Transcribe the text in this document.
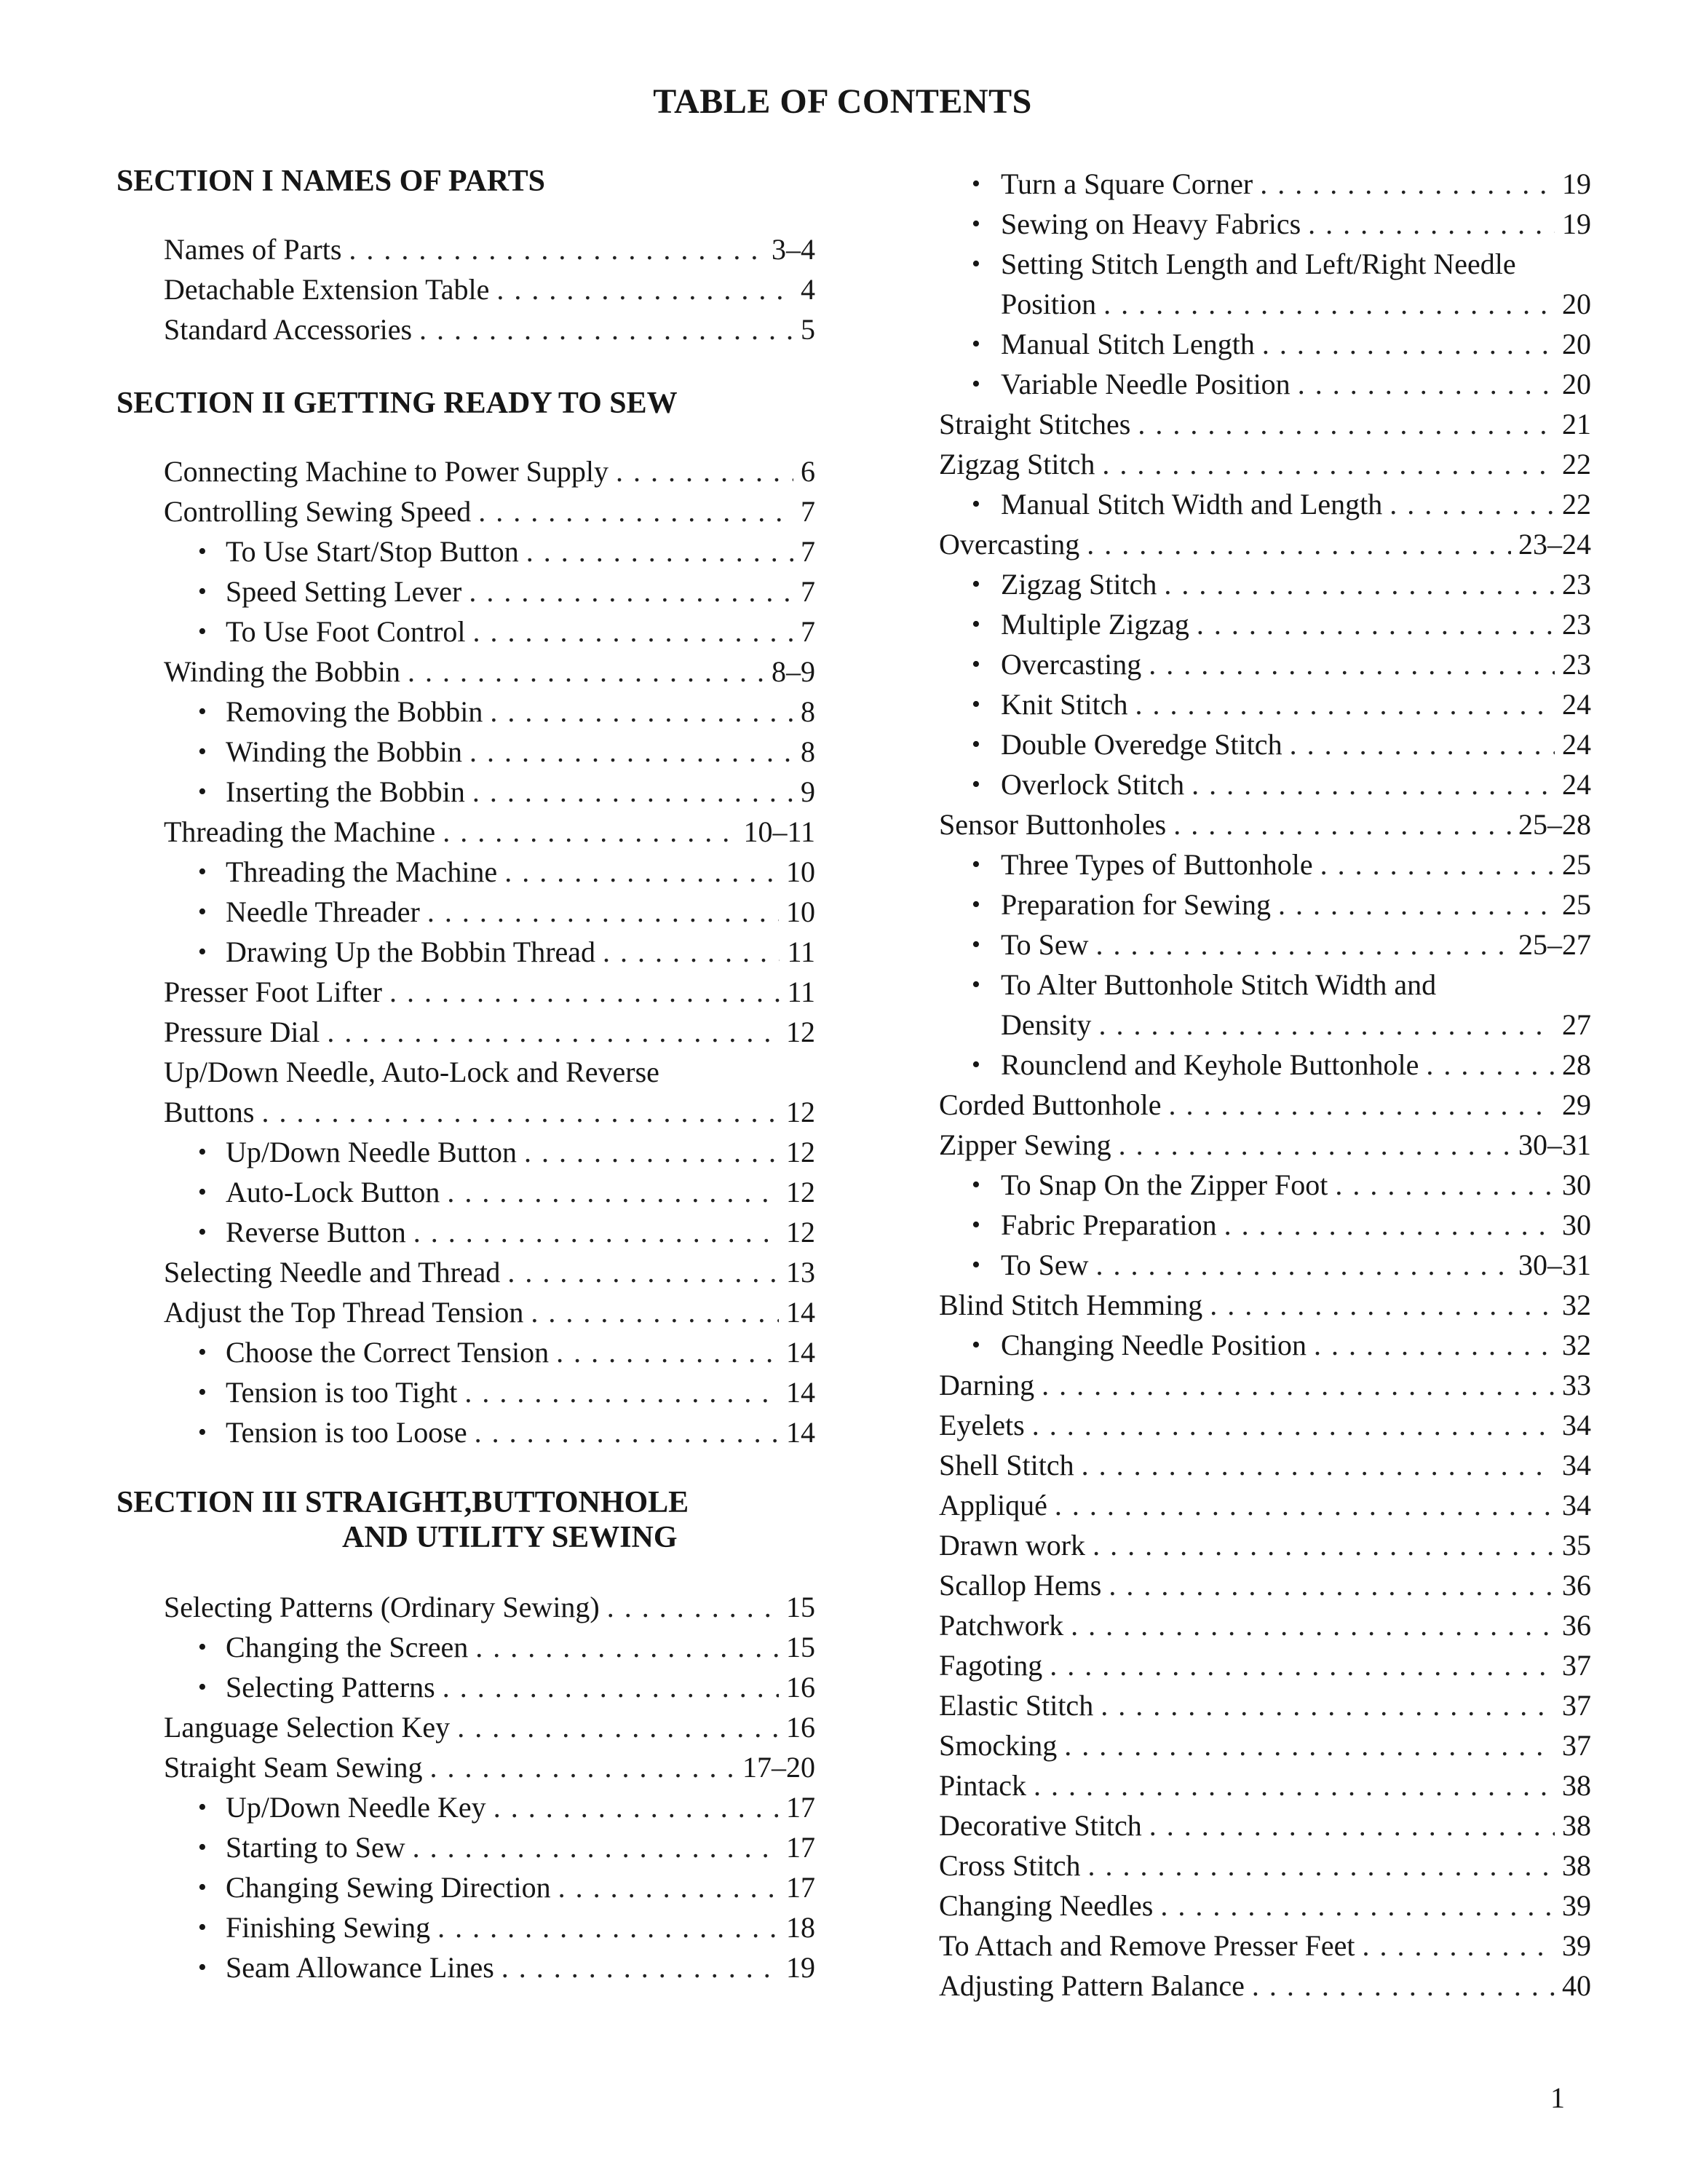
TABLE OF CONTENTS
SECTION I NAMES OF PARTS
Names of Parts . . .	3–4
Detachable Extension Table . . .	4
Standard Accessories . . .	5
SECTION II GETTING READY TO SEW
Connecting Machine to Power Supply . . .	6
Controlling Sewing Speed . . .	7
• To Use Start/Stop Button . . .	7
• Speed Setting Lever . . .	7
• To Use Foot Control . . .	7
Winding the Bobbin . . .	8–9
• Removing the Bobbin . . .	8
• Winding the Bobbin . . .	8
• Inserting the Bobbin . . .	9
Threading the Machine . . .	10–11
• Threading the Machine . . .	10
• Needle Threader . . .	10
• Drawing Up the Bobbin Thread . . .	11
Presser Foot Lifter . . .	11
Pressure Dial . . .	12
Up/Down Needle, Auto-Lock and Reverse
Buttons . . .	12
• Up/Down Needle Button . . .	12
• Auto-Lock Button . . .	12
• Reverse Button . . .	12
Selecting Needle and Thread . . .	13
Adjust the Top Thread Tension . . .	14
• Choose the Correct Tension . . .	14
• Tension is too Tight . . .	14
• Tension is too Loose . . .	14
SECTION III STRAIGHT,BUTTONHOLE
AND UTILITY SEWING
Selecting Patterns (Ordinary Sewing) . . .	15
• Changing the Screen . . .	15
• Selecting Patterns . . .	16
Language Selection Key . . .	16
Straight Seam Sewing . . .	17–20
• Up/Down Needle Key . . .	17
• Starting to Sew . . .	17
• Changing Sewing Direction . . .	17
• Finishing Sewing . . .	18
• Seam Allowance Lines . . .	19
• Turn a Square Corner . . .	19
• Sewing on Heavy Fabrics . . .	19
• Setting Stitch Length and Left/Right Needle
Position . . .	20
• Manual Stitch Length . . .	20
• Variable Needle Position . . .	20
Straight Stitches . . .	21
Zigzag Stitch . . .	22
• Manual Stitch Width and Length . . .	22
Overcasting . . .	23–24
• Zigzag Stitch . . .	23
• Multiple Zigzag . . .	23
• Overcasting . . .	23
• Knit Stitch . . .	24
• Double Overedge Stitch . . .	24
• Overlock Stitch . . .	24
Sensor Buttonholes . . .	25–28
• Three Types of Buttonhole . . .	25
• Preparation for Sewing . . .	25
• To Sew . . .	25–27
• To Alter Buttonhole Stitch Width and
Density . . .	27
• Rounclend and Keyhole Buttonhole . . .	28
Corded Buttonhole . . .	29
Zipper Sewing . . .	30–31
• To Snap On the Zipper Foot . . .	30
• Fabric Preparation . . .	30
• To Sew . . .	30–31
Blind Stitch Hemming . . .	32
• Changing Needle Position . . .	32
Darning . . .	33
Eyelets . . .	34
Shell Stitch . . .	34
Appliqué . . .	34
Drawn work . . .	35
Scallop Hems . . .	36
Patchwork . . .	36
Fagoting . . .	37
Elastic Stitch . . .	37
Smocking . . .	37
Pintack . . .	38
Decorative Stitch . . .	38
Cross Stitch . . .	38
Changing Needles . . .	39
To Attach and Remove Presser Feet . . .	39
Adjusting Pattern Balance . . .	40
1
